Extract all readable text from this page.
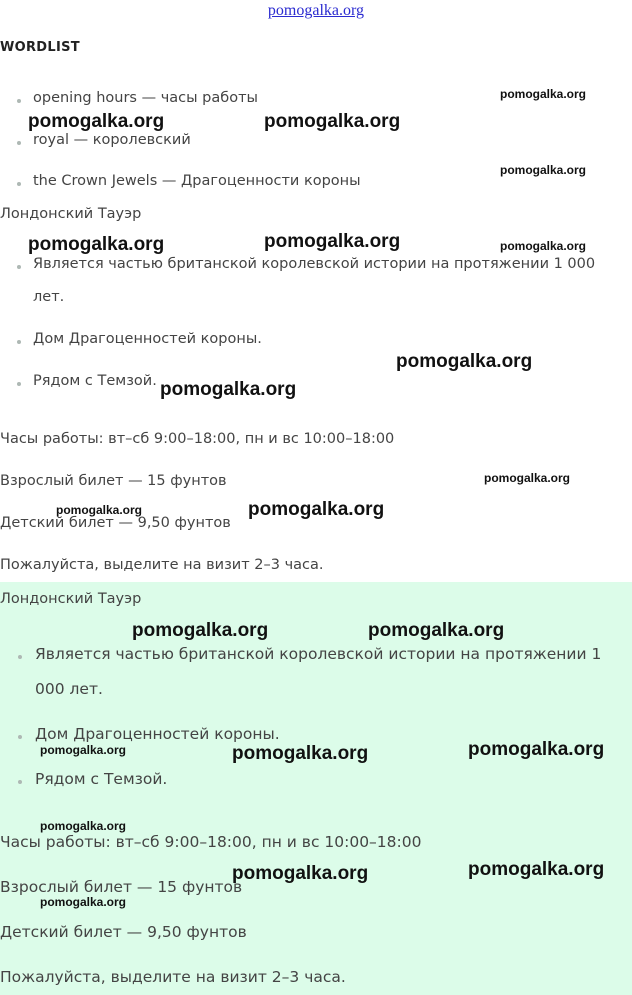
pomogalka.org
WORDLIST
opening hours — часы работы
royal — королевский
the Crown Jewels — Драгоценности короны
Лондонский Тауэр
Является частью британской королевской истории на протяжении 1 000
лет.
Дом Драгоценностей короны.
Рядом с Темзой.
Часы работы: вт–сб 9:00–18:00, пн и вс 10:00–18:00
Взрослый билет — 15 фунтов
Детский билет — 9,50 фунтов
Пожалуйста, выделите на визит 2–3 часа.
Лондонский Тауэр
Является частью британской королевской истории на протяжении 1
000 лет.
Дом Драгоценностей короны.
Рядом с Темзой.
Часы работы: вт–сб 9:00–18:00, пн и вс 10:00–18:00
Взрослый билет — 15 фунтов
Детский билет — 9,50 фунтов
Пожалуйста, выделите на визит 2–3 часа.
pomogalka.org
pomogalka.org	pomogalka.org
pomogalka.org
pomogalka.org	pomogalka.org	pomogalka.org
pomogalka.org
pomogalka.org
pomogalka.org
pomogalka.org	pomogalka.org
pomogalka.org	pomogalka.org
pomogalka.org	pomogalka.org	pomogalka.org
pomogalka.org
pomogalka.org	pomogalka.org
pomogalka.org
